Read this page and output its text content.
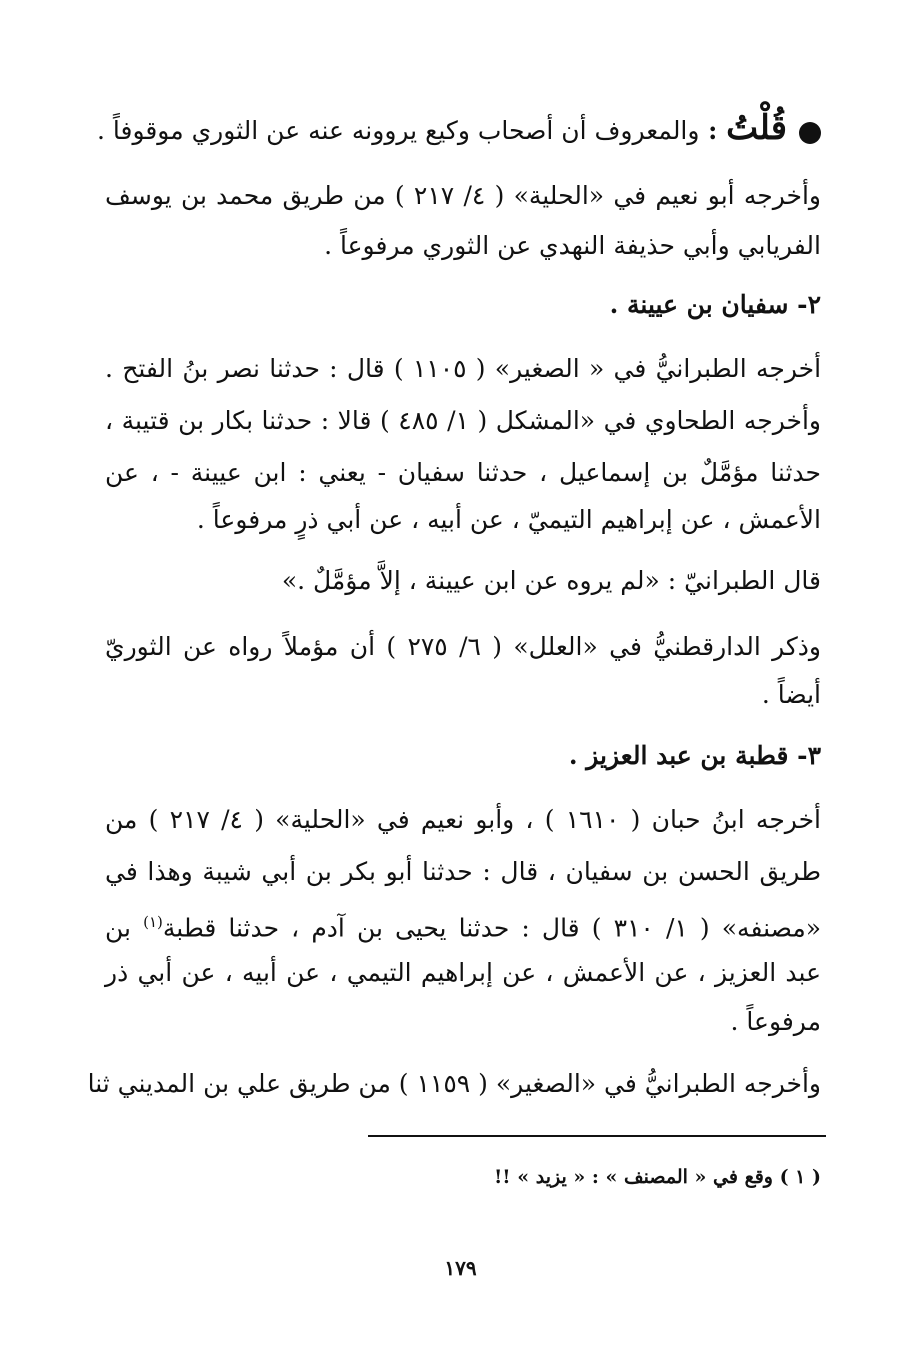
قُلْتُ : والمعروف أن أصحاب وكيع يروونه عنه عن الثوري موقوفاً .
وأخرجه أبو نعيم في «الحلية» ( ٤/ ٢١٧ ) من طريق محمد بن يوسف
الفريابي وأبي حذيفة النهدي عن الثوري مرفوعاً .
٢- سفيان بن عيينة .
أخرجه الطبرانيُّ في « الصغير» ( ١١٠٥ ) قال : حدثنا نصر بنُ الفتح .
وأخرجه الطحاوي في «المشكل ( ١/ ٤٨٥ ) قالا : حدثنا بكار بن قتيبة ،
حدثنا مؤمَّلٌ بن إسماعيل ، حدثنا سفيان - يعني : ابن عيينة - ، عن
الأعمش ، عن إبراهيم التيميّ ، عن أبيه ، عن أبي ذرٍ مرفوعاً .
قال الطبرانيّ : «لم يروه عن ابن عيينة ، إلاَّ مؤمَّلٌ .»
وذكر الدارقطنيُّ في «العلل» ( ٦/ ٢٧٥ ) أن مؤملاً رواه عن الثوريّ
أيضاً .
٣- قطبة بن عبد العزيز .
أخرجه ابنُ حبان ( ١٦١٠ ) ، وأبو نعيم في «الحلية» ( ٤/ ٢١٧ ) من
طريق الحسن بن سفيان ، قال : حدثنا أبو بكر بن أبي شيبة وهذا في
«مصنفه» ( ١/ ٣١٠ ) قال : حدثنا يحيى بن آدم ، حدثنا قطبة$^{(١)}$ بن
عبد العزيز ، عن الأعمش ، عن إبراهيم التيمي ، عن أبيه ، عن أبي ذر
مرفوعاً .
وأخرجه الطبرانيُّ في «الصغير» ( ١١٥٩ ) من طريق علي بن المديني ثنا
( ١ ) وقع في « المصنف » : « يزيد » !!
١٧٩
